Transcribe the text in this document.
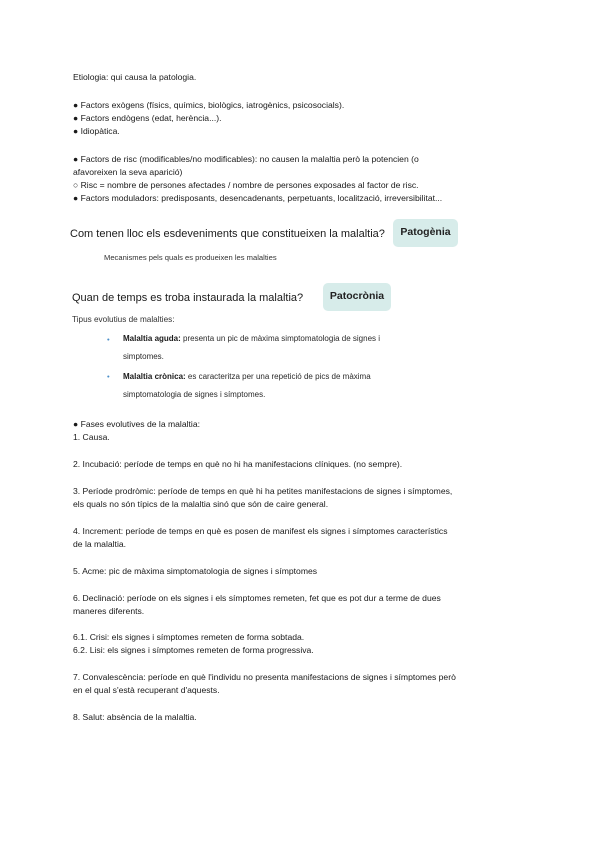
Etiologia: qui causa la patologia.
● Factors exògens (físics, químics, biològics, iatrogènics, psicosocials).
● Factors endògens (edat, herència...).
● Idiopàtica.
● Factors de risc (modificables/no modificables): no causen la malaltia però la potencien (o
afavoreixen la seva aparició)
○ Risc = nombre de persones afectades / nombre de persones exposades al factor de risc.
● Factors moduladors: predisposants, desencadenants, perpetuants, localització, irreversibilitat...
Com tenen lloc els esdeveniments que constitueixen la malaltia?	Patogènia
Mecanismes pels quals es produeixen les malalties
Quan de temps es troba instaurada la malaltia?	Patocrònia
Tipus evolutius de malalties:
• Malaltia aguda: presenta un pic de màxima simptomatologia de signes i
simptomes.
• Malaltia crònica: es caracteritza per una repetició de pics de màxima
simptomatologia de signes i símptomes.
● Fases evolutives de la malaltia:
1. Causa.
2. Incubació: període de temps en què no hi ha manifestacions clíniques. (no sempre).
3. Període prodròmic: període de temps en què hi ha petites manifestacions de signes i símptomes,
els quals no són típics de la malaltia sinó que són de caire general.
4. Increment: període de temps en què es posen de manifest els signes i símptomes característics
de la malaltia.
5. Acme: pic de màxima simptomatologia de signes i símptomes
6. Declinació: període on els signes i els símptomes remeten, fet que es pot dur a terme de dues
maneres diferents.
6.1. Crisi: els signes i símptomes remeten de forma sobtada.
6.2. Lisi: els signes i símptomes remeten de forma progressiva.
7. Convalescència: període en què l'individu no presenta manifestacions de signes i símptomes però
en el qual s'està recuperant d'aquests.
8. Salut: absència de la malaltia.
